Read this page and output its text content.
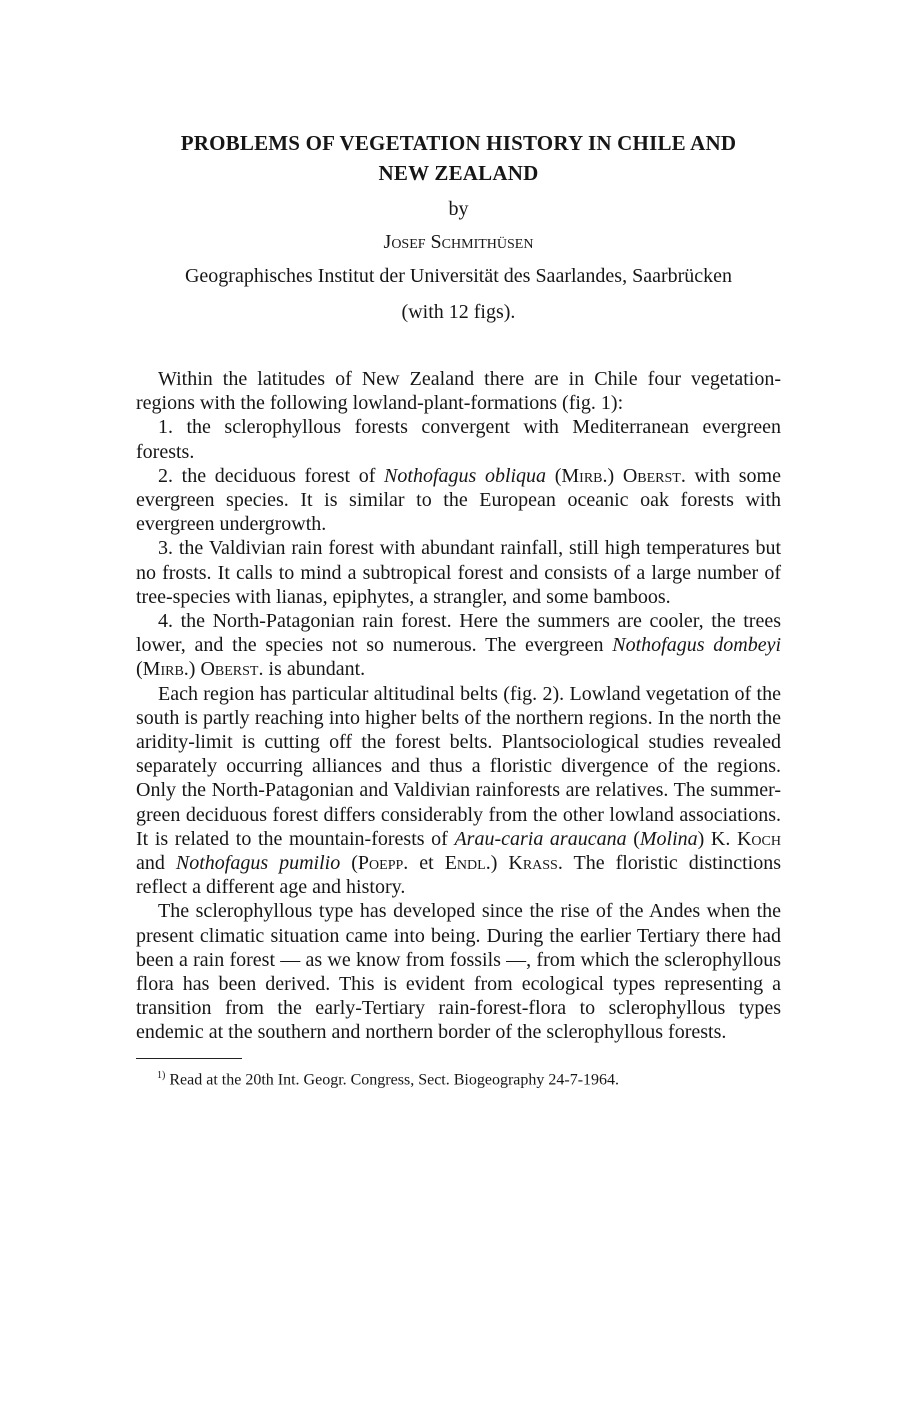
PROBLEMS OF VEGETATION HISTORY IN CHILE AND
NEW ZEALAND
by
Josef Schmithüsen
Geographisches Institut der Universität des Saarlandes, Saarbrücken
(with 12 figs).

Within the latitudes of New Zealand there are in Chile four vegetation-regions with the following lowland-plant-formations (fig. 1):

1. the sclerophyllous forests convergent with Mediterranean evergreen forests.

2. the deciduous forest of Nothofagus obliqua (Mirb.) Oberst. with some evergreen species. It is similar to the European oceanic oak forests with evergreen undergrowth.

3. the Valdivian rain forest with abundant rainfall, still high temperatures but no frosts. It calls to mind a subtropical forest and consists of a large number of tree-species with lianas, epiphytes, a strangler, and some bamboos.

4. the North-Patagonian rain forest. Here the summers are cooler, the trees lower, and the species not so numerous. The evergreen Nothofagus dombeyi (Mirb.) Oberst. is abundant.

Each region has particular altitudinal belts (fig. 2). Lowland vegetation of the south is partly reaching into higher belts of the northern regions. In the north the aridity-limit is cutting off the forest belts. Plantsociological studies revealed separately occurring alliances and thus a floristic divergence of the regions. Only the North-Patagonian and Valdivian rainforests are relatives. The summer-green deciduous forest differs considerably from the other lowland associations. It is related to the mountain-forests of Arau-caria araucana (Molina) K. Koch and Nothofagus pumilio (Poepp. et Endl.) Krass. The floristic distinctions reflect a different age and history.

The sclerophyllous type has developed since the rise of the Andes when the present climatic situation came into being. During the earlier Tertiary there had been a rain forest — as we know from fossils —, from which the sclerophyllous flora has been derived. This is evident from ecological types representing a transition from the early-Tertiary rain-forest-flora to sclerophyllous types endemic at the southern and northern border of the sclerophyllous forests.

$^{1)}$ Read at the 20th Int. Geogr. Congress, Sect. Biogeography 24-7-1964.
